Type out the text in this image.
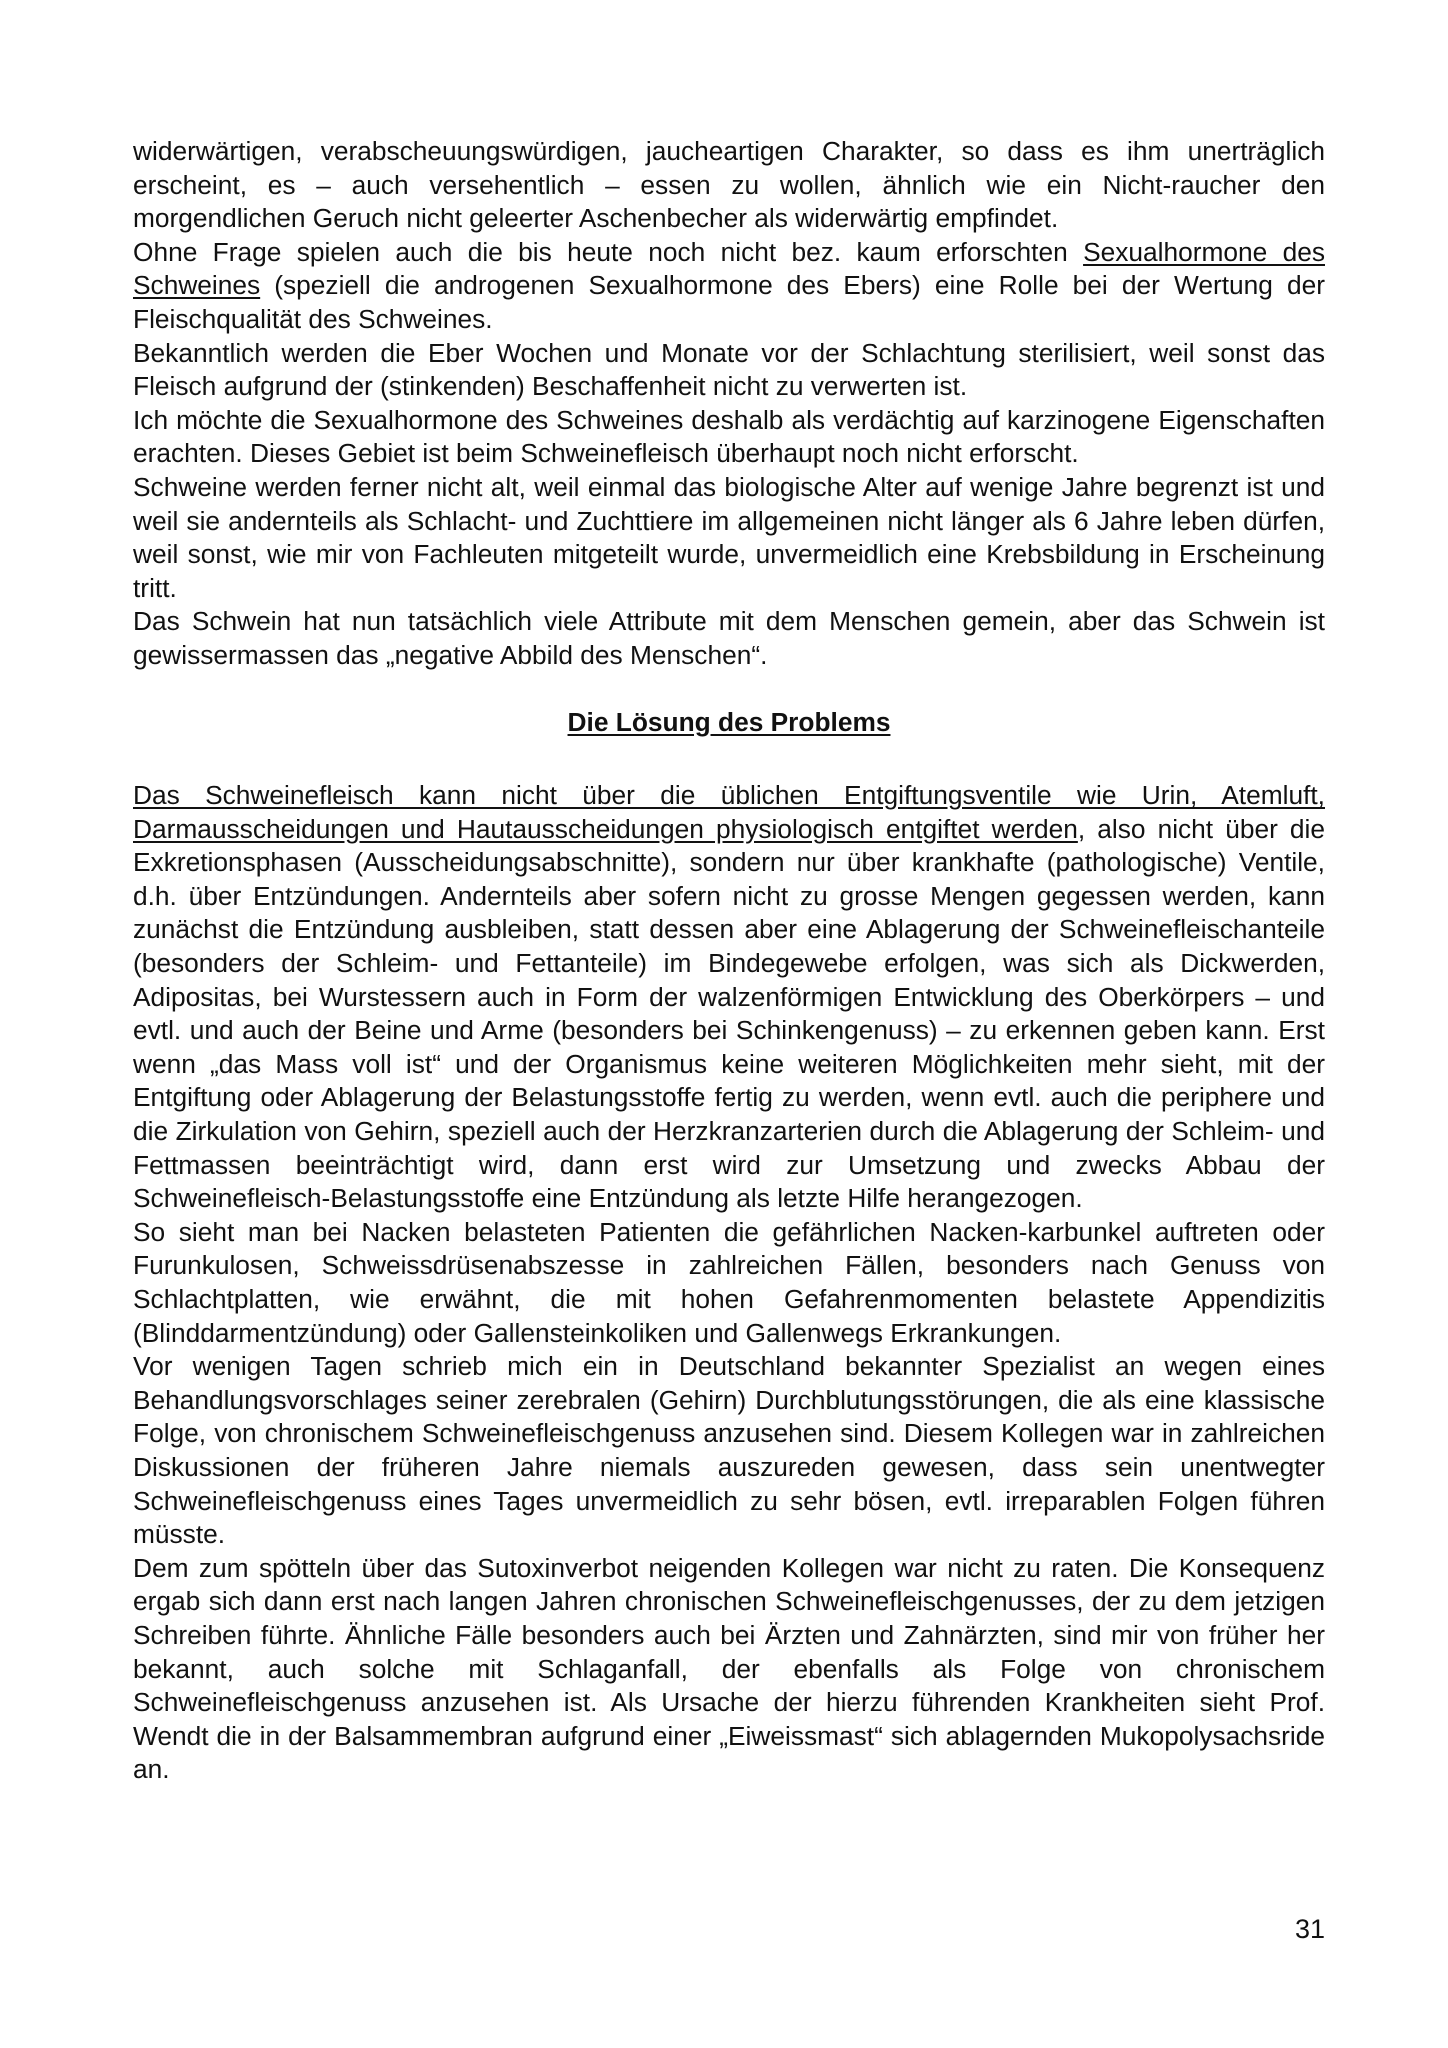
widerwärtigen, verabscheuungswürdigen, jaucheartigen Charakter, so dass es ihm unerträglich erscheint, es – auch versehentlich – essen zu wollen, ähnlich wie ein Nicht-raucher den morgendlichen Geruch nicht geleerter Aschenbecher als widerwärtig empfindet.

Ohne Frage spielen auch die bis heute noch nicht bez. kaum erforschten Sexualhormone des Schweines (speziell die androgenen Sexualhormone des Ebers) eine Rolle bei der Wertung der Fleischqualität des Schweines.

Bekanntlich werden die Eber Wochen und Monate vor der Schlachtung sterilisiert, weil sonst das Fleisch aufgrund der (stinkenden) Beschaffenheit nicht zu verwerten ist.

Ich möchte die Sexualhormone des Schweines deshalb als verdächtig auf karzinogene Eigenschaften erachten. Dieses Gebiet ist beim Schweinefleisch überhaupt noch nicht erforscht.

Schweine werden ferner nicht alt, weil einmal das biologische Alter auf wenige Jahre begrenzt ist und weil sie andernteils als Schlacht- und Zuchttiere im allgemeinen nicht länger als 6 Jahre leben dürfen, weil sonst, wie mir von Fachleuten mitgeteilt wurde, unvermeidlich eine Krebsbildung in Erscheinung tritt.

Das Schwein hat nun tatsächlich viele Attribute mit dem Menschen gemein, aber das Schwein ist gewissermassen das „negative Abbild des Menschen“.

Die Lösung des Problems

Das Schweinefleisch kann nicht über die üblichen Entgiftungsventile wie Urin, Atemluft, Darmausscheidungen und Hautausscheidungen physiologisch entgiftet werden, also nicht über die Exkretionsphasen (Ausscheidungsabschnitte), sondern nur über krankhafte (pathologische) Ventile, d.h. über Entzündungen. Andernteils aber sofern nicht zu grosse Mengen gegessen werden, kann zunächst die Entzündung ausbleiben, statt dessen aber eine Ablagerung der Schweinefleischanteile (besonders der Schleim- und Fettanteile) im Bindegewebe erfolgen, was sich als Dickwerden, Adipositas, bei Wurstessern auch in Form der walzenförmigen Entwicklung des Oberkörpers – und evtl. und auch der Beine und Arme (besonders bei Schinkengenuss) – zu erkennen geben kann. Erst wenn „das Mass voll ist“ und der Organismus keine weiteren Möglichkeiten mehr sieht, mit der Entgiftung oder Ablagerung der Belastungsstoffe fertig zu werden, wenn evtl. auch die periphere und die Zirkulation von Gehirn, speziell auch der Herzkranzarterien durch die Ablagerung der Schleim- und Fettmassen beeinträchtigt wird, dann erst wird zur Umsetzung und zwecks Abbau der Schweinefleisch-Belastungsstoffe eine Entzündung als letzte Hilfe herangezogen.

So sieht man bei Nacken belasteten Patienten die gefährlichen Nacken-karbunkel auftreten oder Furunkulosen, Schweissdrüsenabszesse in zahlreichen Fällen, besonders nach Genuss von Schlachtplatten, wie erwähnt, die mit hohen Gefahrenmomenten belastete Appendizitis (Blinddarmentzündung) oder Gallensteinkoliken und Gallenwegs Erkrankungen.

Vor wenigen Tagen schrieb mich ein in Deutschland bekannter Spezialist an wegen eines Behandlungsvorschlages seiner zerebralen (Gehirn) Durchblutungsstörungen, die als eine klassische Folge, von chronischem Schweinefleischgenuss anzusehen sind. Diesem Kollegen war in zahlreichen Diskussionen der früheren Jahre niemals auszureden gewesen, dass sein unentwegter Schweinefleischgenuss eines Tages unvermeidlich zu sehr bösen, evtl. irreparablen Folgen führen müsste.

Dem zum spötteln über das Sutoxinverbot neigenden Kollegen war nicht zu raten. Die Konsequenz ergab sich dann erst nach langen Jahren chronischen Schweinefleischgenusses, der zu dem jetzigen Schreiben führte. Ähnliche Fälle besonders auch bei Ärzten und Zahnärzten, sind mir von früher her bekannt, auch solche mit Schlaganfall, der ebenfalls als Folge von chronischem Schweinefleischgenuss anzusehen ist. Als Ursache der hierzu führenden Krankheiten sieht Prof. Wendt die in der Balsammembran aufgrund einer „Eiweissmast“ sich ablagernden Mukopolysachsride an.

31
